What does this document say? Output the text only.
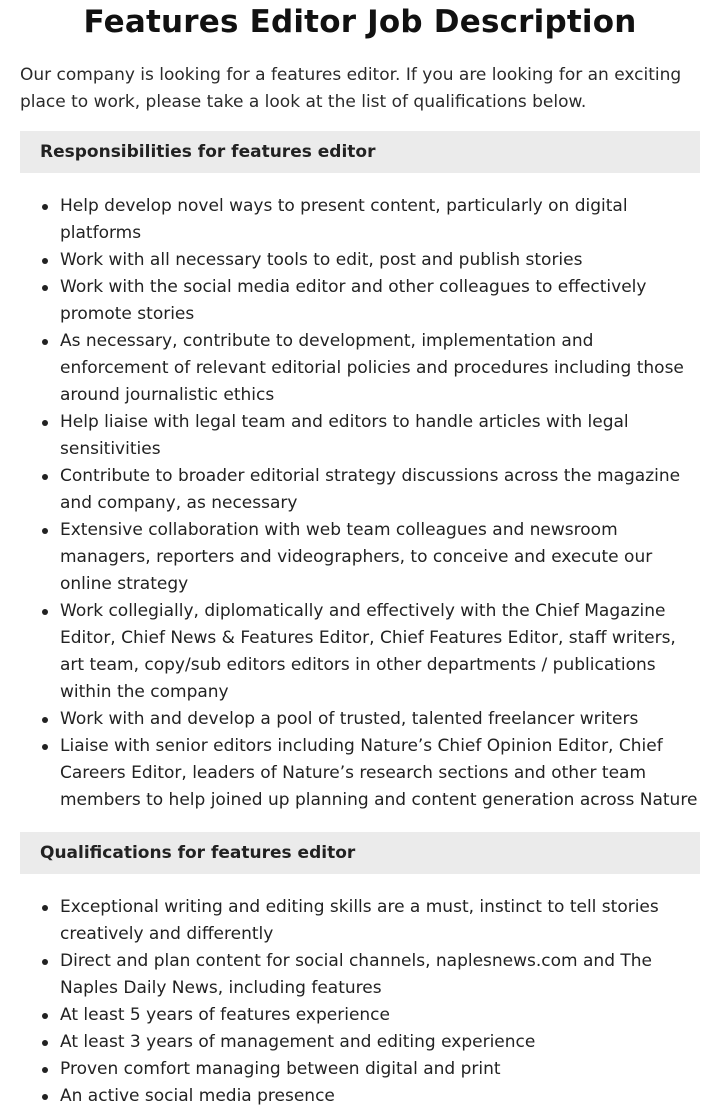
Features Editor Job Description

Our company is looking for a features editor. If you are looking for an exciting place to work, please take a look at the list of qualifications below.

Responsibilities for features editor
Help develop novel ways to present content, particularly on digital platforms
Work with all necessary tools to edit, post and publish stories
Work with the social media editor and other colleagues to effectively promote stories
As necessary, contribute to development, implementation and enforcement of relevant editorial policies and procedures including those around journalistic ethics
Help liaise with legal team and editors to handle articles with legal sensitivities
Contribute to broader editorial strategy discussions across the magazine and company, as necessary
Extensive collaboration with web team colleagues and newsroom managers, reporters and videographers, to conceive and execute our online strategy
Work collegially, diplomatically and effectively with the Chief Magazine Editor, Chief News & Features Editor, Chief Features Editor, staff writers, art team, copy/sub editors editors in other departments / publications within the company
Work with and develop a pool of trusted, talented freelancer writers
Liaise with senior editors including Nature’s Chief Opinion Editor, Chief Careers Editor, leaders of Nature’s research sections and other team members to help joined up planning and content generation across Nature
Qualifications for features editor
Exceptional writing and editing skills are a must, instinct to tell stories creatively and differently
Direct and plan content for social channels, naplesnews.com and The Naples Daily News, including features
At least 5 years of features experience
At least 3 years of management and editing experience
Proven comfort managing between digital and print
An active social media presence
